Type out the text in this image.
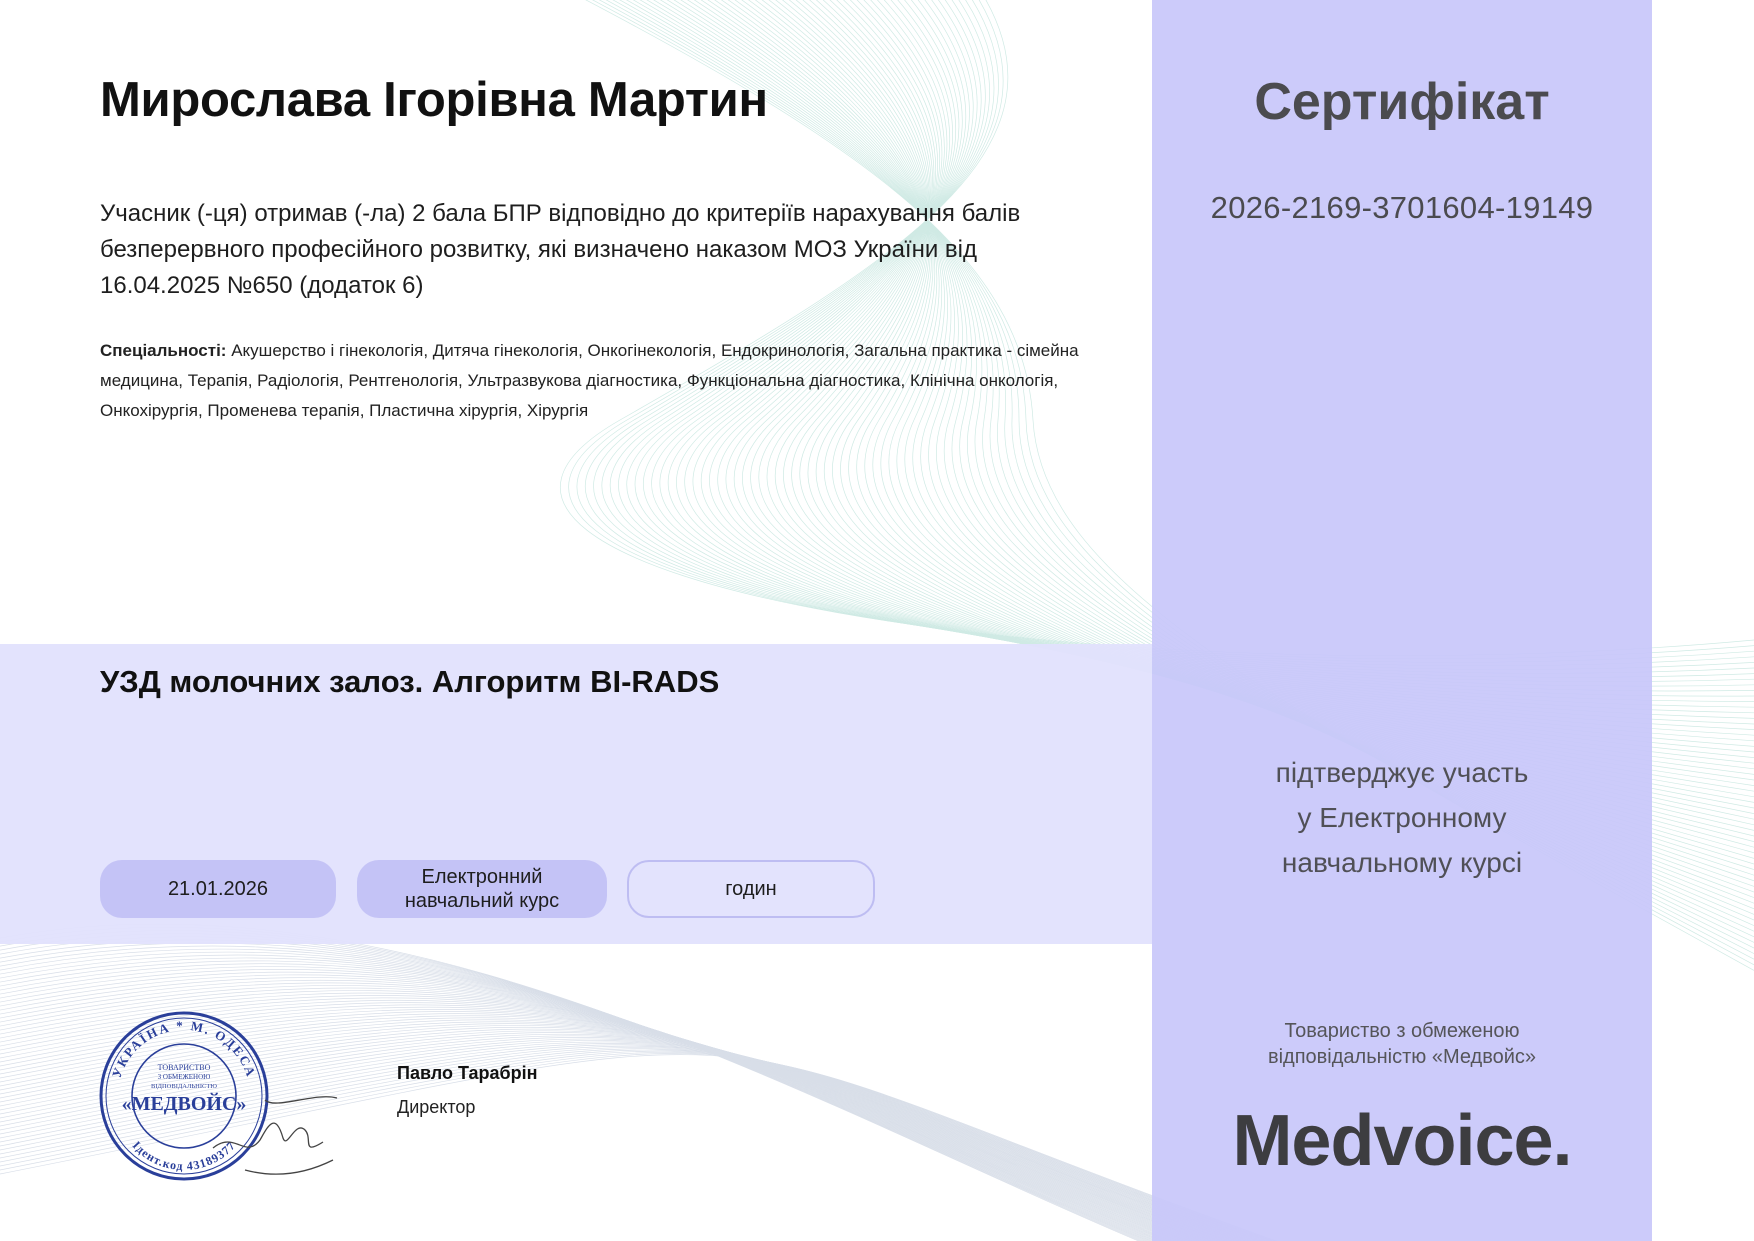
Мирослава Ігорівна Мартин
Учасник (-ця) отримав (-ла) 2 бала БПР відповідно до критеріїв нарахування балів безперервного професійного розвитку, які визначено наказом МОЗ України від 16.04.2025 №650 (додаток 6)
Спеціальності: Акушерство і гінекологія, Дитяча гінекологія, Онкогінекологія, Ендокринологія, Загальна практика - сімейна медицина, Терапія, Радіологія, Рентгенологія, Ультразвукова діагностика, Функціональна діагностика, Клінічна онкологія, Онкохірургія, Променева терапія, Пластична хірургія, Хірургія
УЗД молочних залоз. Алгоритм BI-RADS
21.01.2026
Електронний
навчальний курс
годин
УКРАЇНА * М. ОДЕСА
Ідент.код 43189377
ТОВАРИСТВО
З ОБМЕЖЕНОЮ
ВІДПОВІДАЛЬНІСТЮ
«МЕДВОЙС»
Павло Тарабрін
Директор
Сертифікат
2026-2169-3701604-19149
підтверджує участь
у Електронному
навчальному курсі
Товариство з обмеженою
відповідальністю «Медвойс»
Medvoice.
